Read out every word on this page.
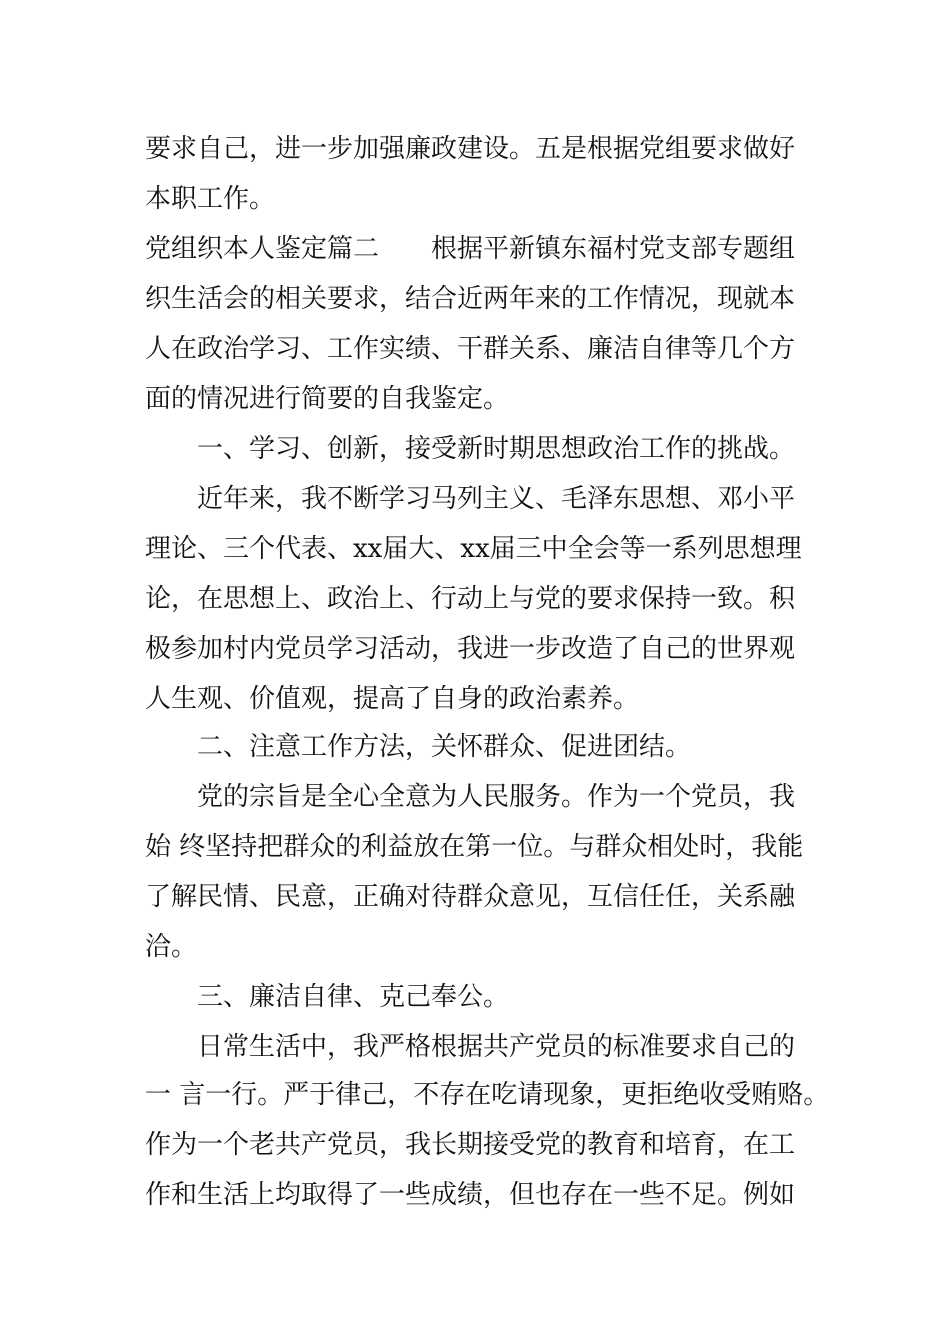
要求自己，进一步加强廉政建设。五是根据党组要求做好

本职工作。

党组织本人鉴定篇二　　根据平新镇东福村党支部专题组

织生活会的相关要求，结合近两年来的工作情况，现就本

人在政治学习、工作实绩、干群关系、廉洁自律等几个方

面的情况进行简要的自我鉴定。

　　一、学习、创新，接受新时期思想政治工作的挑战。

　　近年来，我不断学习马列主义、毛泽东思想、邓小平

理论、三个代表、xx届大、xx届三中全会等一系列思想理

论，在思想上、政治上、行动上与党的要求保持一致。积

极参加村内党员学习活动，我进一步改造了自己的世界观

人生观、价值观，提高了自身的政治素养。

　　二、注意工作方法，关怀群众、促进团结。

　　党的宗旨是全心全意为人民服务。作为一个党员，我

始 终坚持把群众的利益放在第一位。与群众相处时，我能

了解民情、民意，正确对待群众意见，互信任任，关系融

洽。

　　三、廉洁自律、克己奉公。

　　日常生活中，我严格根据共产党员的标准要求自己的

一 言一行。严于律己，不存在吃请现象，更拒绝收受贿赂。

作为一个老共产党员，我长期接受党的教育和培育，在工

作和生活上均取得了一些成绩，但也存在一些不足。例如
